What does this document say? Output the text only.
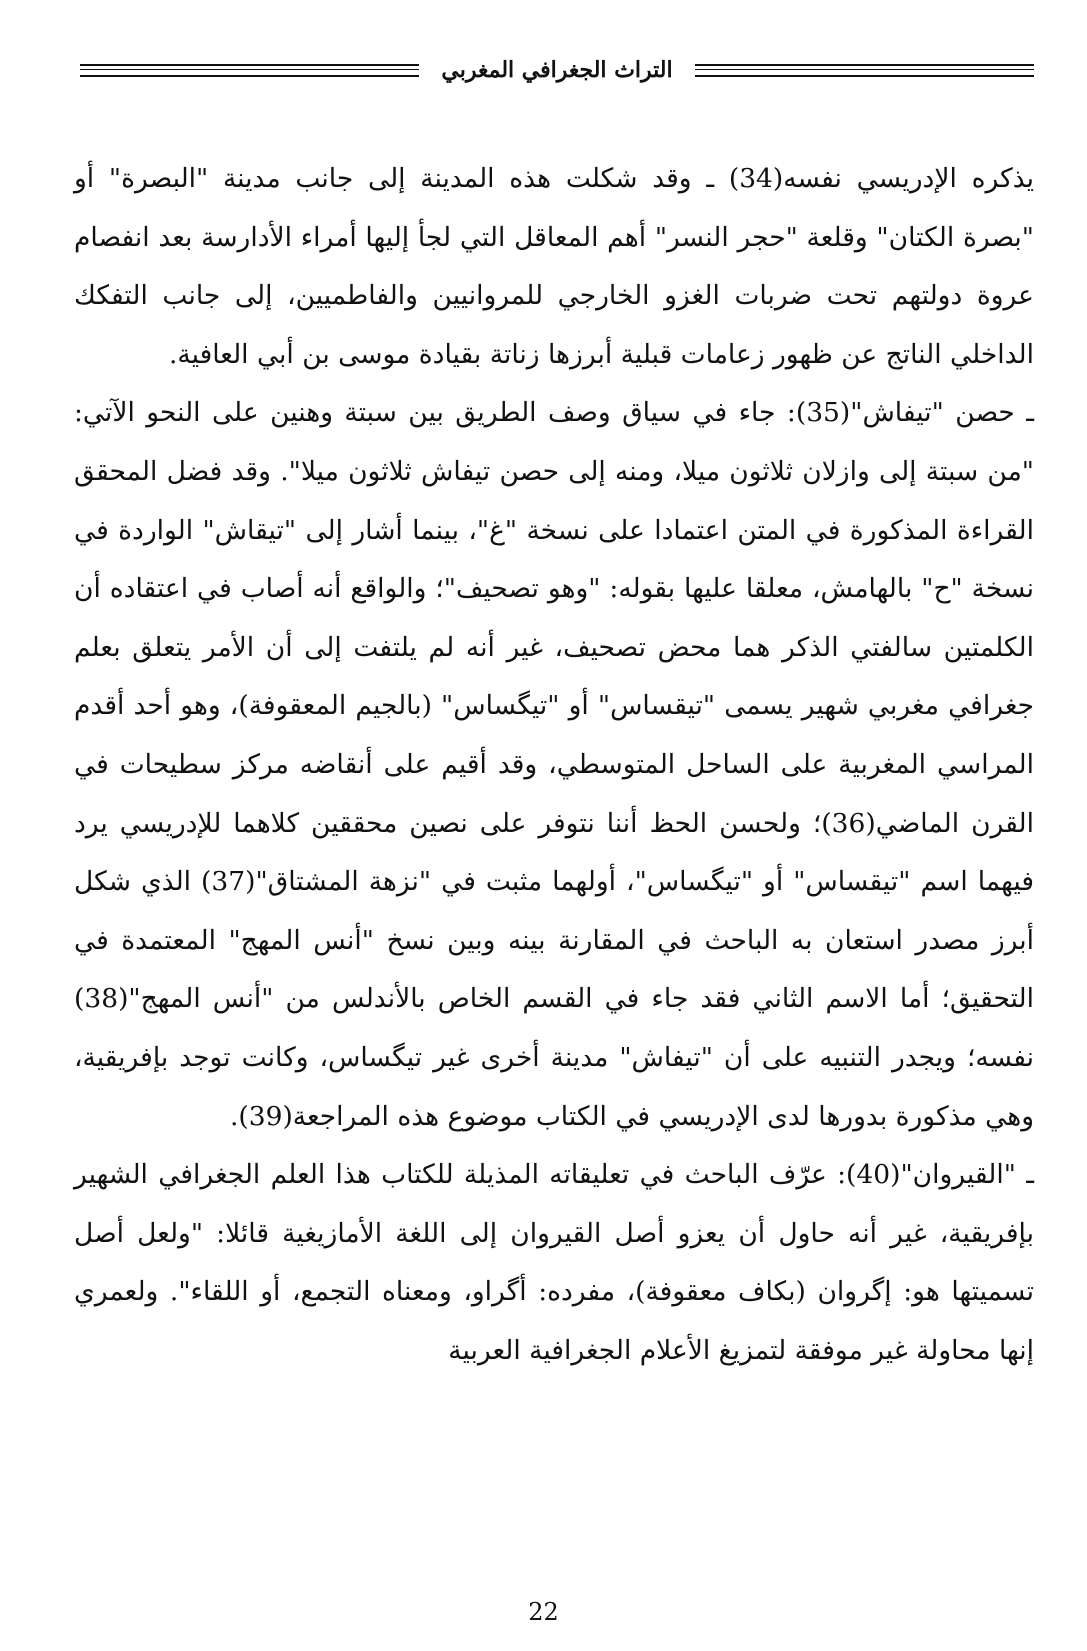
التراث الجغرافي المغربي

يذكره الإدريسي نفسه(34) ـ وقد شكلت هذه المدينة إلى جانب مدينة "البصرة" أو "بصرة الكتان" وقلعة "حجر النسر" أهم المعاقل التي لجأ إليها أمراء الأدارسة بعد انفصام عروة دولتهم تحت ضربات الغزو الخارجي للمروانيين والفاطميين، إلى جانب التفكك الداخلي الناتج عن ظهور زعامات قبلية أبرزها زناتة بقيادة موسى بن أبي العافية.

ـ حصن "تيفاش"(35): جاء في سياق وصف الطريق بين سبتة وهنين على النحو الآتي: "من سبتة إلى وازلان ثلاثون ميلا، ومنه إلى حصن تيفاش ثلاثون ميلا". وقد فضل المحقق القراءة المذكورة في المتن اعتمادا على نسخة "غ"، بينما أشار إلى "تيقاش" الواردة في نسخة "ح" بالهامش، معلقا عليها بقوله: "وهو تصحيف"؛ والواقع أنه أصاب في اعتقاده أن الكلمتين سالفتي الذكر هما محض تصحيف، غير أنه لم يلتفت إلى أن الأمر يتعلق بعلم جغرافي مغربي شهير يسمى "تيقساس" أو "تيگساس" (بالجيم المعقوفة)، وهو أحد أقدم المراسي المغربية على الساحل المتوسطي، وقد أقيم على أنقاضه مركز سطيحات في القرن الماضي(36)؛ ولحسن الحظ أننا نتوفر على نصين محققين كلاهما للإدريسي يرد فيهما اسم "تيقساس" أو "تيگساس"، أولهما مثبت في "نزهة المشتاق"(37) الذي شكل أبرز مصدر استعان به الباحث في المقارنة بينه وبين نسخ "أنس المهج" المعتمدة في التحقيق؛ أما الاسم الثاني فقد جاء في القسم الخاص بالأندلس من "أنس المهج"(38) نفسه؛ ويجدر التنبيه على أن "تيفاش" مدينة أخرى غير تيگساس، وكانت توجد بإفريقية، وهي مذكورة بدورها لدى الإدريسي في الكتاب موضوع هذه المراجعة(39).

ـ "القيروان"(40): عرّف الباحث في تعليقاته المذيلة للكتاب هذا العلم الجغرافي الشهير بإفريقية، غير أنه حاول أن يعزو أصل القيروان إلى اللغة الأمازيغية قائلا: "ولعل أصل تسميتها هو: إگروان (بكاف معقوفة)، مفرده: أگراو، ومعناه التجمع، أو اللقاء". ولعمري إنها محاولة غير موفقة لتمزيغ الأعلام الجغرافية العربية

22
